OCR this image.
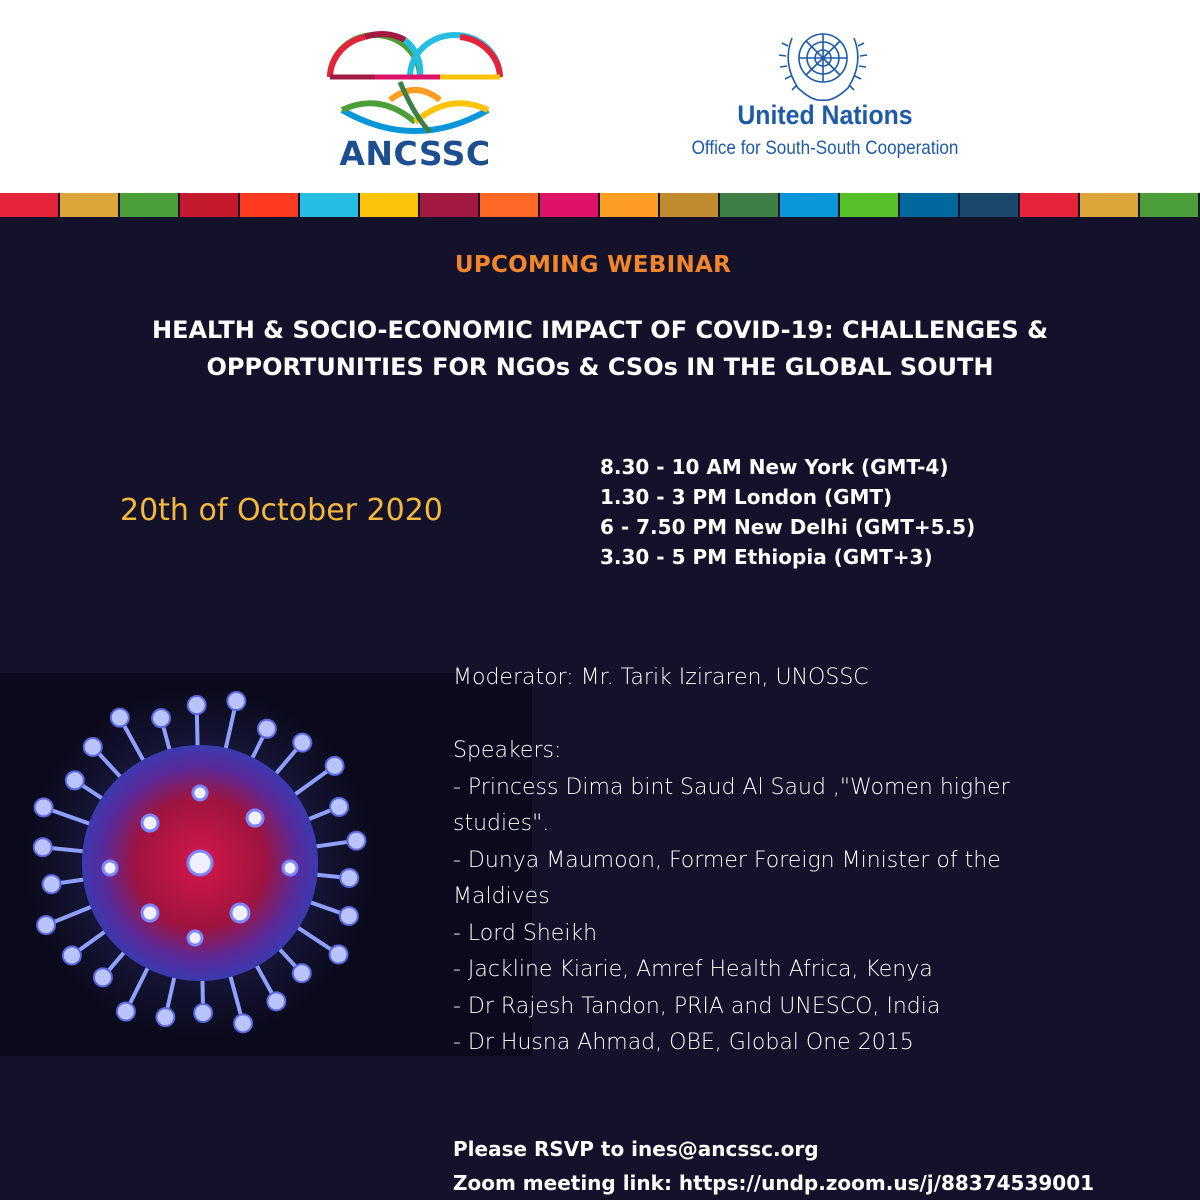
ANCSSC
United Nations
Office for South-South Cooperation
UPCOMING WEBINAR
HEALTH & SOCIO-ECONOMIC IMPACT OF COVID-19: CHALLENGES &
OPPORTUNITIES FOR NGOs & CSOs IN THE GLOBAL SOUTH
20th of October 2020
8.30 - 10 AM New York (GMT-4)
1.30 - 3 PM London (GMT)
6 - 7.50 PM New Delhi (GMT+5.5)
3.30 - 5 PM Ethiopia (GMT+3)
Moderator: Mr. Tarik Iziraren, UNOSSC
Speakers:
- Princess Dima bint Saud Al Saud ,"Women higher
studies".
- Dunya Maumoon, Former Foreign Minister of the
Maldives
- Lord Sheikh
- Jackline Kiarie, Amref Health Africa, Kenya
- Dr Rajesh Tandon, PRIA and UNESCO, India
- Dr Husna Ahmad, OBE, Global One 2015
Please RSVP to ines@ancssc.org
Zoom meeting link: https://undp.zoom.us/j/88374539001
